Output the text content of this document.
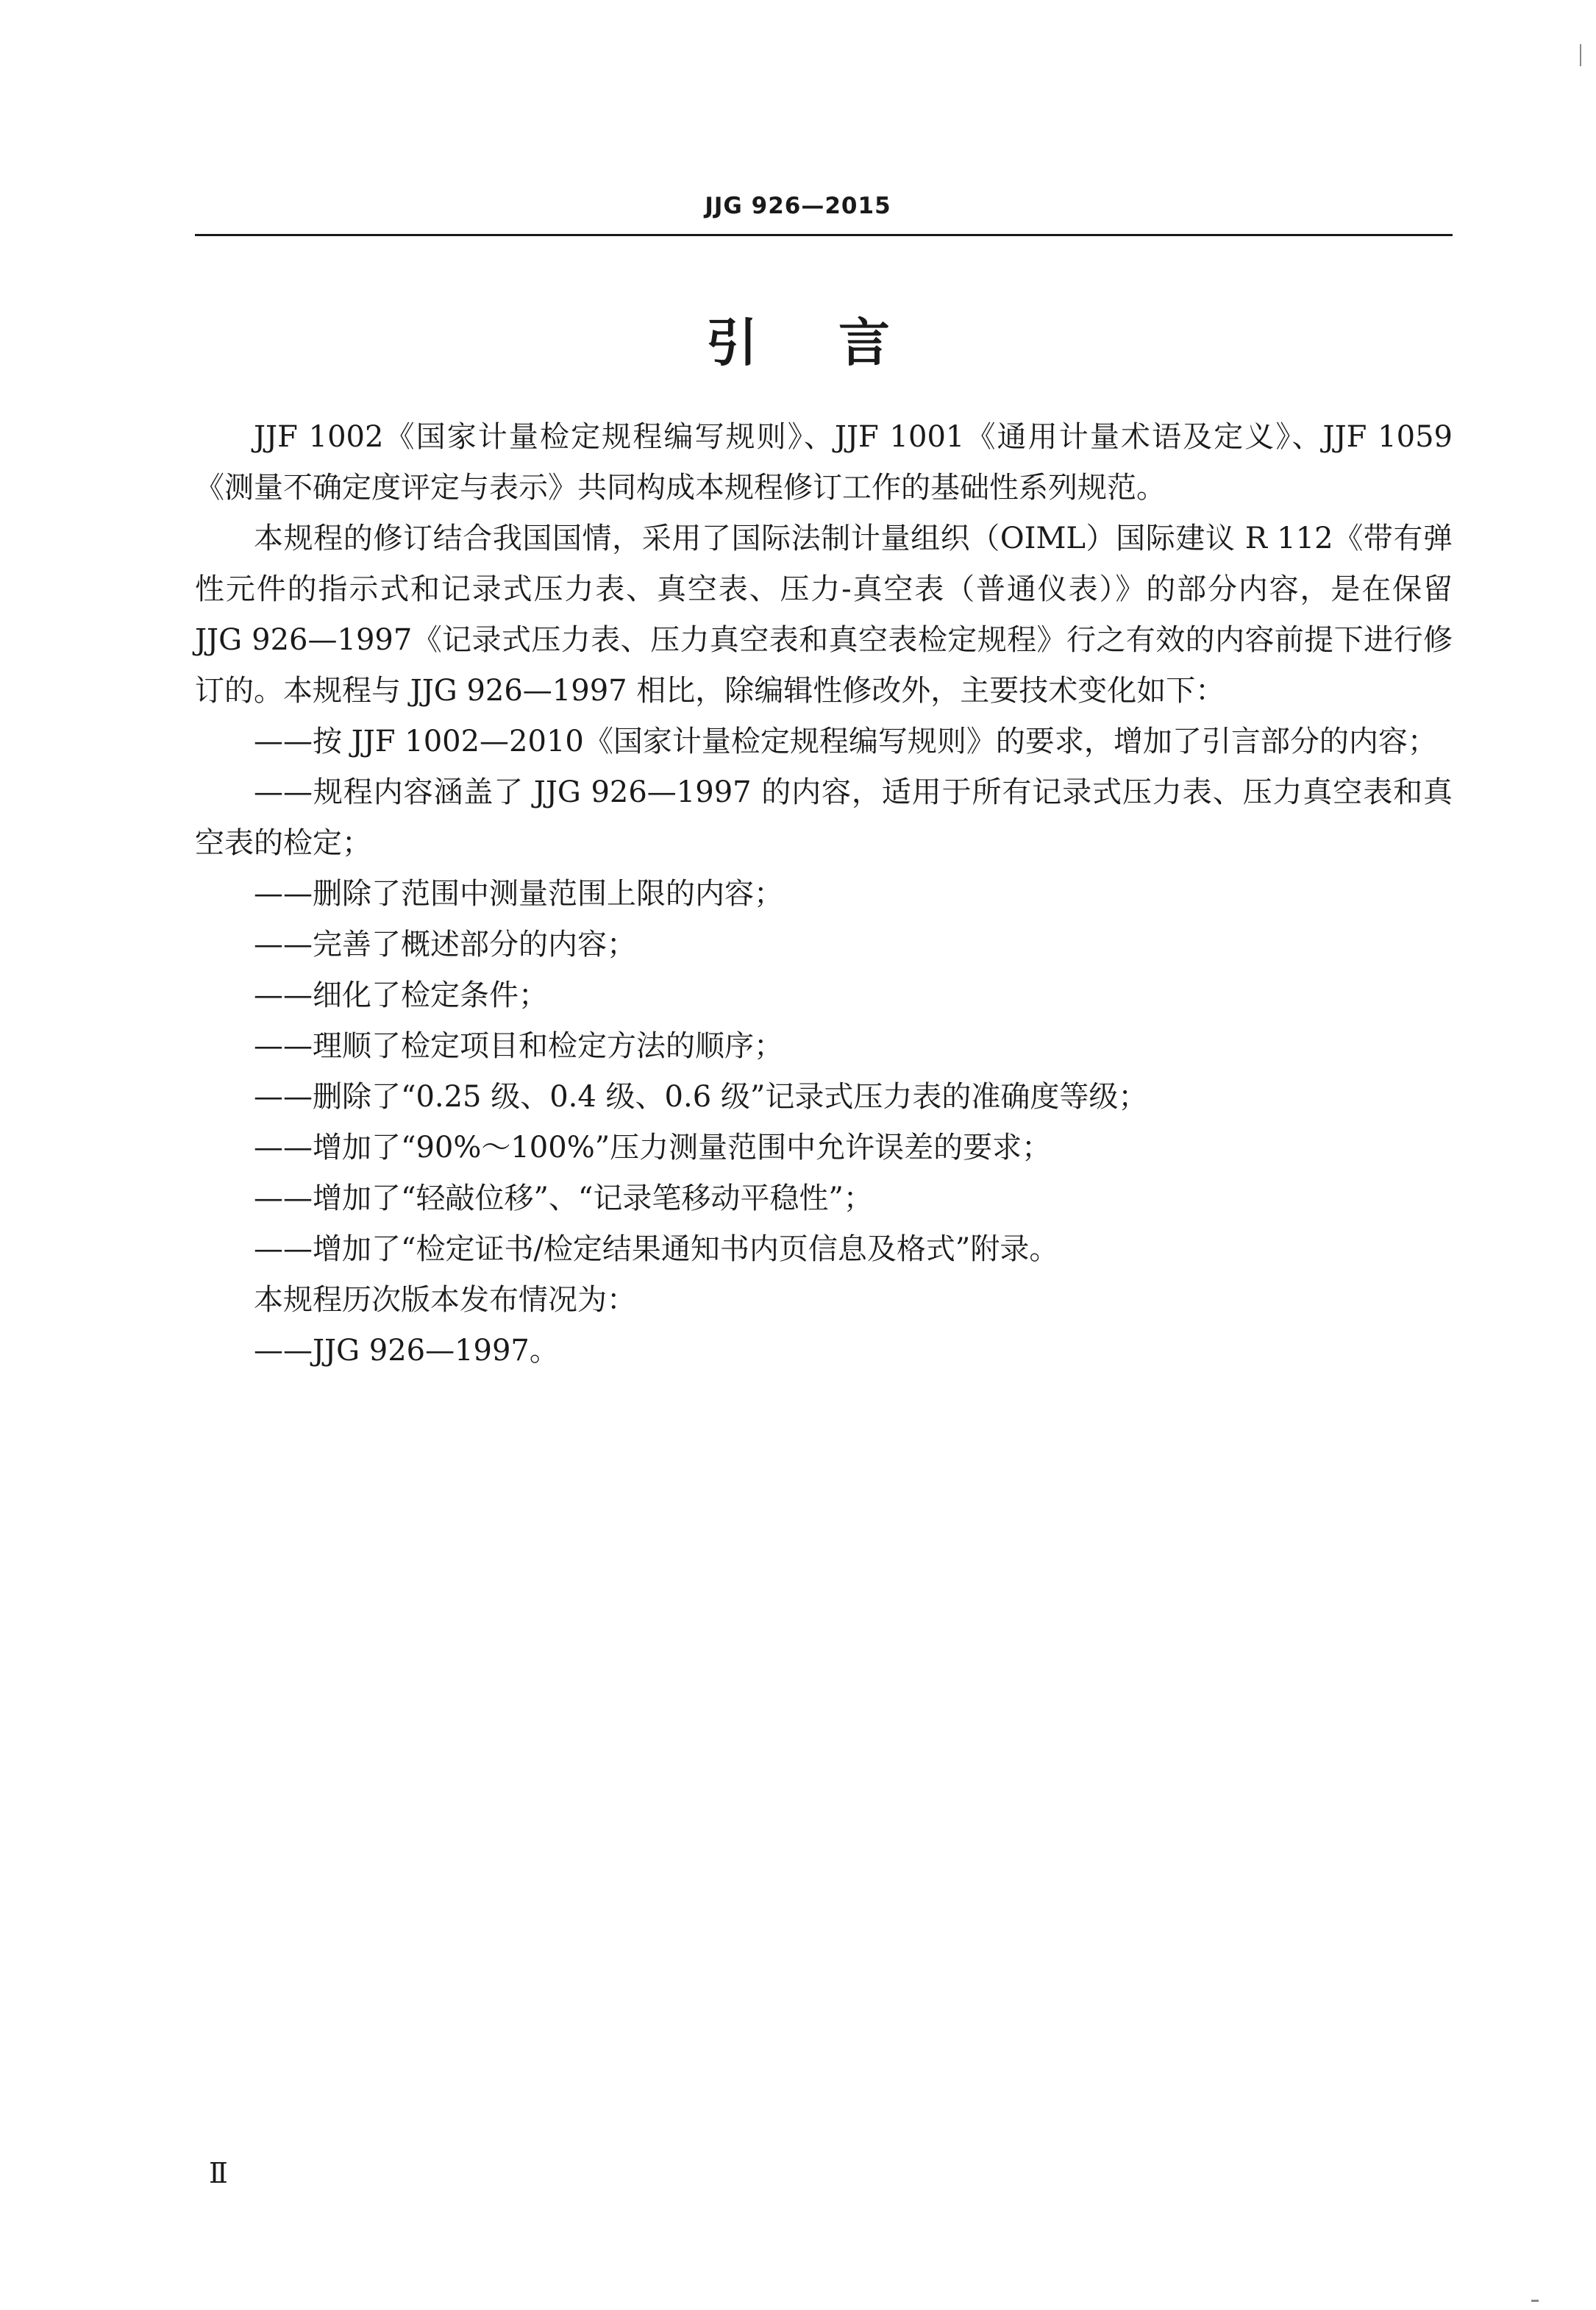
JJG 926—2015
引言

JJF 1002《国家计量检定规程编写规则》、JJF 1001《通用计量术语及定义》、JJF 1059《测量不确定度评定与表示》共同构成本规程修订工作的基础性系列规范。

本规程的修订结合我国国情，采用了国际法制计量组织（OIML）国际建议 R 112《带有弹性元件的指示式和记录式压力表、真空表、压力-真空表（普通仪表）》的部分内容，是在保留 JJG 926—1997《记录式压力表、压力真空表和真空表检定规程》行之有效的内容前提下进行修订的。本规程与 JJG 926—1997 相比，除编辑性修改外，主要技术变化如下：

——按 JJF 1002—2010《国家计量检定规程编写规则》的要求，增加了引言部分的内容；

——规程内容涵盖了 JJG 926—1997 的内容，适用于所有记录式压力表、压力真空表和真空表的检定；

——删除了范围中测量范围上限的内容；

——完善了概述部分的内容；

——细化了检定条件；

——理顺了检定项目和检定方法的顺序；

——删除了“0.25 级、0.4 级、0.6 级”记录式压力表的准确度等级；

——增加了“90%～100%”压力测量范围中允许误差的要求；

——增加了“轻敲位移”、“记录笔移动平稳性”；

——增加了“检定证书/检定结果通知书内页信息及格式”附录。

本规程历次版本发布情况为：

——JJG 926—1997。

Ⅱ
